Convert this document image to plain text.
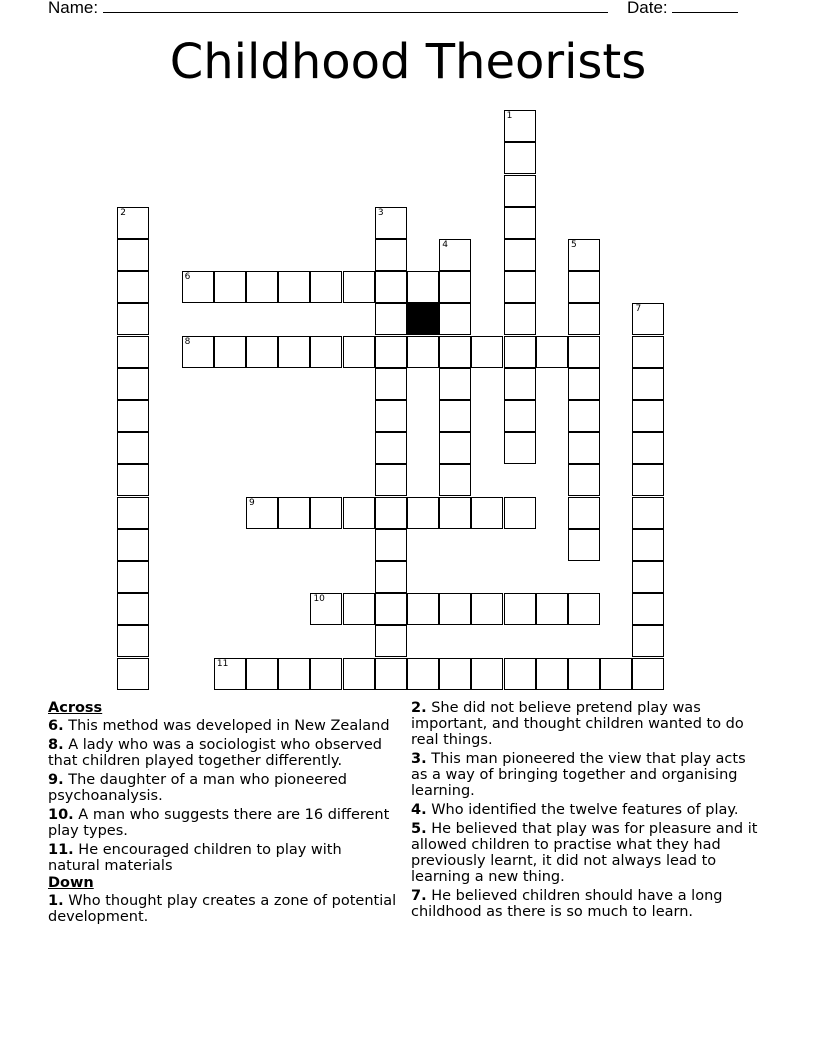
Name:	Date:
Childhood Theorists
1
2	3
4	5
7
6
8
9
10
11
Across
6. This method was developed in New Zealand
8. A lady who was a sociologist who observed that children played together differently.
9. The daughter of a man who pioneered psychoanalysis.
10. A man who suggests there are 16 different play types.
11. He encouraged children to play with natural materials
Down
1. Who thought play creates a zone of potential development.
2. She did not believe pretend play was important, and thought children wanted to do real things.
3. This man pioneered the view that play acts as a way of bringing together and organising learning.
4. Who identified the twelve features of play.
5. He believed that play was for pleasure and it allowed children to practise what they had previously learnt, it did not always lead to learning a new thing.
7. He believed children should have a long childhood as there is so much to learn.
